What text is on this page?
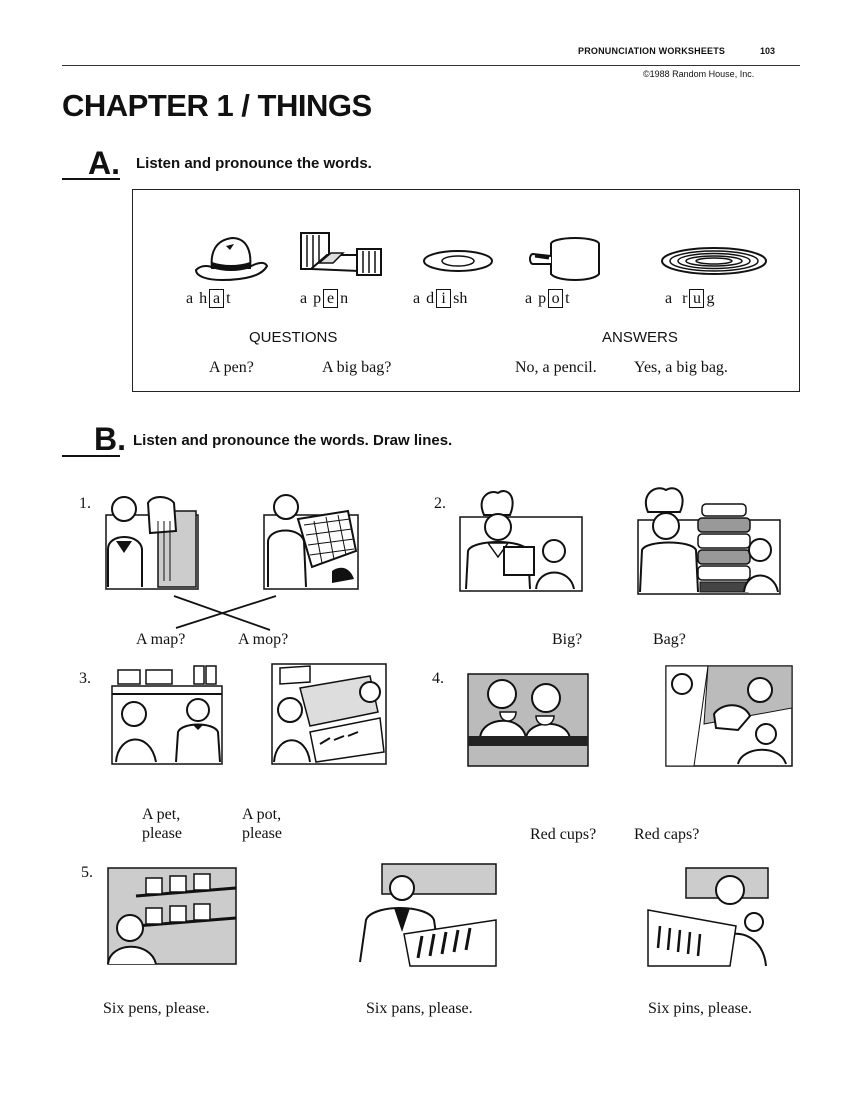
PRONUNCIATION WORKSHEETS	103
©1988 Random House, Inc.
CHAPTER 1 / THINGS
A. Listen and pronounce the words.
a
h a t	a
p e n	a
d i sh	a
p o t	a
r u g
QUESTIONS	ANSWERS
A pen?	A big bag?	No, a pencil. Yes, a big bag.
B. Listen and pronounce the words. Draw lines.
1.
A map?	A mop?
2.
Big?	Bag?
3.
A pet,
please
A pot,
please
4.
Red cups? Red caps?
5.
Six pens, please.	Six pans, please.	Six pins, please.
